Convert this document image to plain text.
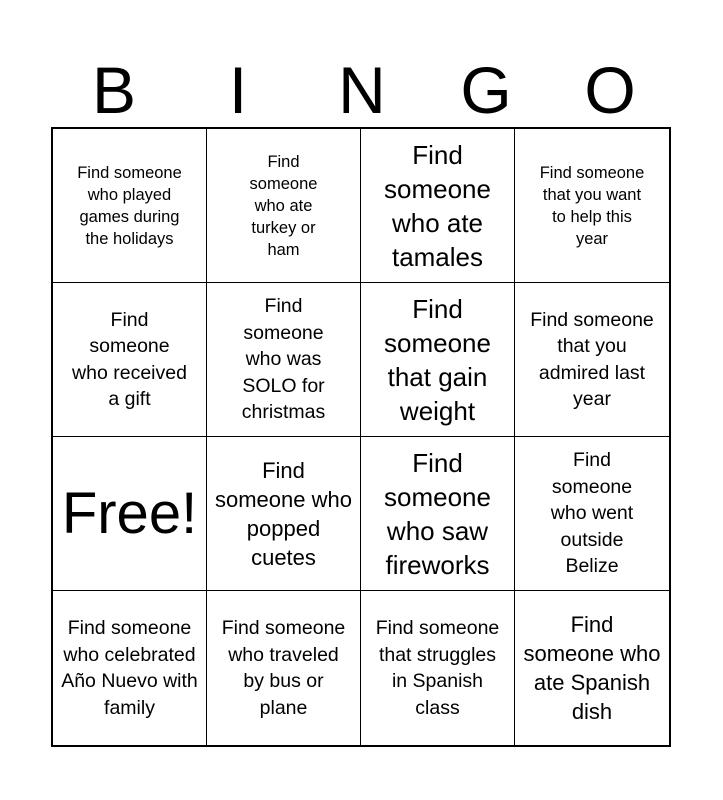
B	I	N	G	O
Find someone who played games during the holidays
Find someone who ate turkey or ham
Find someone who ate tamales
Find someone that you want to help this year
Find someone who received a gift
Find someone who was SOLO for christmas
Find someone that gain weight
Find someone that you admired last year
Free!
Find someone who popped cuetes
Find someone who saw fireworks
Find someone who went outside Belize
Find someone who celebrated Año Nuevo with family
Find someone who traveled by bus or plane
Find someone that struggles in Spanish class
Find someone who ate Spanish dish
